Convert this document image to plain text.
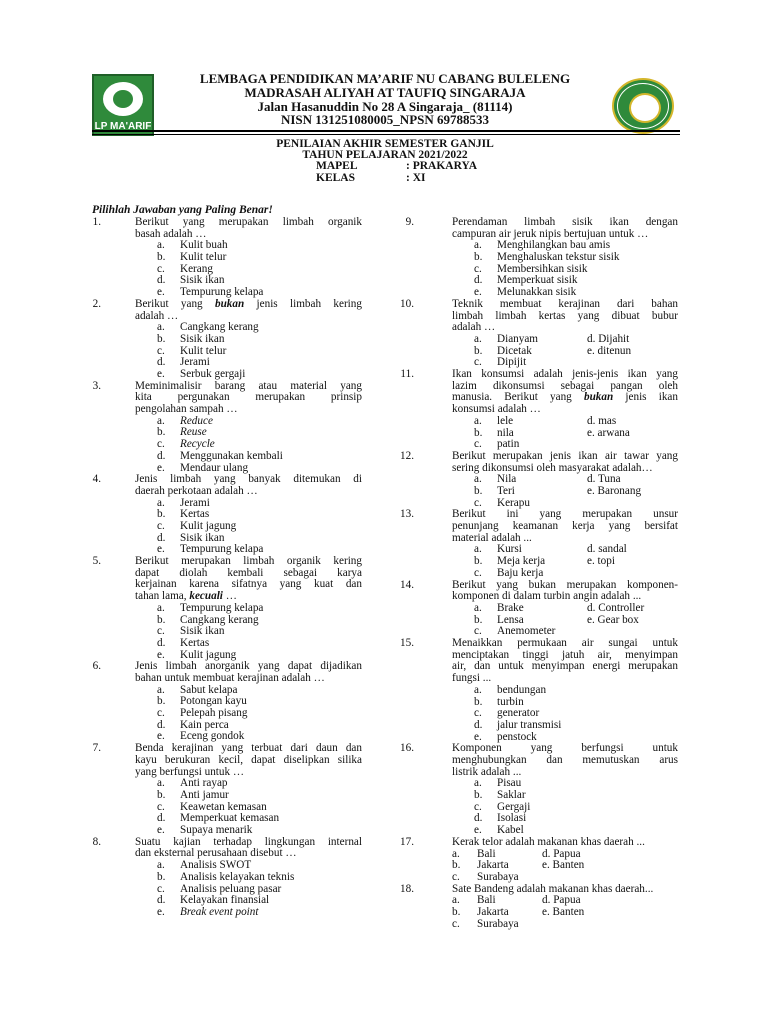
LP MA'ARIF
LEMBAGA PENDIDIKAN MA’ARIF NU CABANG BULELENG
MADRASAH ALIYAH AT TAUFIQ SINGARAJA
Jalan Hasanuddin No 28 A Singaraja_ (81114)
NISN 131251080005_NPSN 69788533
PENILAIAN AKHIR SEMESTER GANJIL
TAHUN PELAJARAN 2021/2022
MAPEL	: PRAKARYA
KELAS	: XI
Pilihlah Jawaban yang Paling Benar!
1.	Berikut yang merupakan limbah organik
basah adalah …
a. Kulit buah
b. Kulit telur
c. Kerang
d. Sisik ikan
e. Tempurung kelapa
2.	Berikut yang bukan jenis limbah kering
adalah …
a. Cangkang kerang
b. Sisik ikan
c. Kulit telur
d. Jerami
e. Serbuk gergaji
3.	Meminimalisir barang atau material yang
kita pergunakan merupakan prinsip
pengolahan sampah …
a. Reduce
b. Reuse
c. Recycle
d. Menggunakan kembali
e. Mendaur ulang
4.	Jenis limbah yang banyak ditemukan di
daerah perkotaan adalah …
a. Jerami
b. Kertas
c. Kulit jagung
d. Sisik ikan
e. Tempurung kelapa
5.	Berikut merupakan limbah organik kering
dapat diolah kembali sebagai karya
kerjainan karena sifatnya yang kuat dan
tahan lama, kecuali …
a. Tempurung kelapa
b. Cangkang kerang
c. Sisik ikan
d. Kertas
e. Kulit jagung
6.	Jenis limbah anorganik yang dapat dijadikan
bahan untuk membuat kerajinan adalah …
a. Sabut kelapa
b. Potongan kayu
c. Pelepah pisang
d. Kain perca
e. Eceng gondok
7.	Benda kerajinan yang terbuat dari daun dan
kayu berukuran kecil, dapat diselipkan silika
yang berfungsi untuk …
a. Anti rayap
b. Anti jamur
c. Keawetan kemasan
d. Memperkuat kemasan
e. Supaya menarik
8.	Suatu kajian terhadap lingkungan internal
dan eksternal perusahaan disebut …
a. Analisis SWOT
b. Analisis kelayakan teknis
c. Analisis peluang pasar
d. Kelayakan finansial
e. Break event point
9.	Perendaman limbah sisik ikan dengan
campuran air jeruk nipis bertujuan untuk …
a. Menghilangkan bau amis
b. Menghaluskan tekstur sisik
c. Membersihkan sisik
d. Memperkuat sisik
e. Melunakkan sisik
10.	Teknik membuat kerajinan dari bahan
limbah limbah kertas yang dibuat bubur
adalah …
a. Dianyam	d. Dijahit
b. Dicetak	e. ditenun
c. Dipijit
11.	Ikan konsumsi adalah jenis-jenis ikan yang
lazim dikonsumsi sebagai pangan oleh
manusia. Berikut yang bukan jenis ikan
konsumsi adalah …
a. lele	d. mas
b. nila	e. arwana
c. patin
12.	Berikut merupakan jenis ikan air tawar yang
sering dikonsumsi oleh masyarakat adalah…
a. Nila	d. Tuna
b. Teri	e. Baronang
c. Kerapu
13.	Berikut ini yang merupakan unsur
penunjang keamanan kerja yang bersifat
material adalah ...
a. Kursi	d. sandal
b. Meja kerja	e. topi
c. Baju kerja
14.	Berikut yang bukan merupakan komponen-
komponen di dalam turbin angin adalah ...
a. Brake	d. Controller
b. Lensa	e. Gear box
c. Anemometer
15.	Menaikkan permukaan air sungai untuk
menciptakan tinggi jatuh air, menyimpan
air, dan untuk menyimpan energi merupakan
fungsi ...
a. bendungan
b. turbin
c. generator
d. jalur transmisi
e. penstock
16.	Komponen yang berfungsi untuk
menghubungkan dan memutuskan arus
listrik adalah ...
a. Pisau
b. Saklar
c. Gergaji
d. Isolasi
e. Kabel
17.	Kerak telor adalah makanan khas daerah ...
a. Bali	d. Papua
b. Jakarta	e. Banten
c. Surabaya
18.	Sate Bandeng adalah makanan khas daerah...
a. Bali	d. Papua
b. Jakarta	e. Banten
c. Surabaya
